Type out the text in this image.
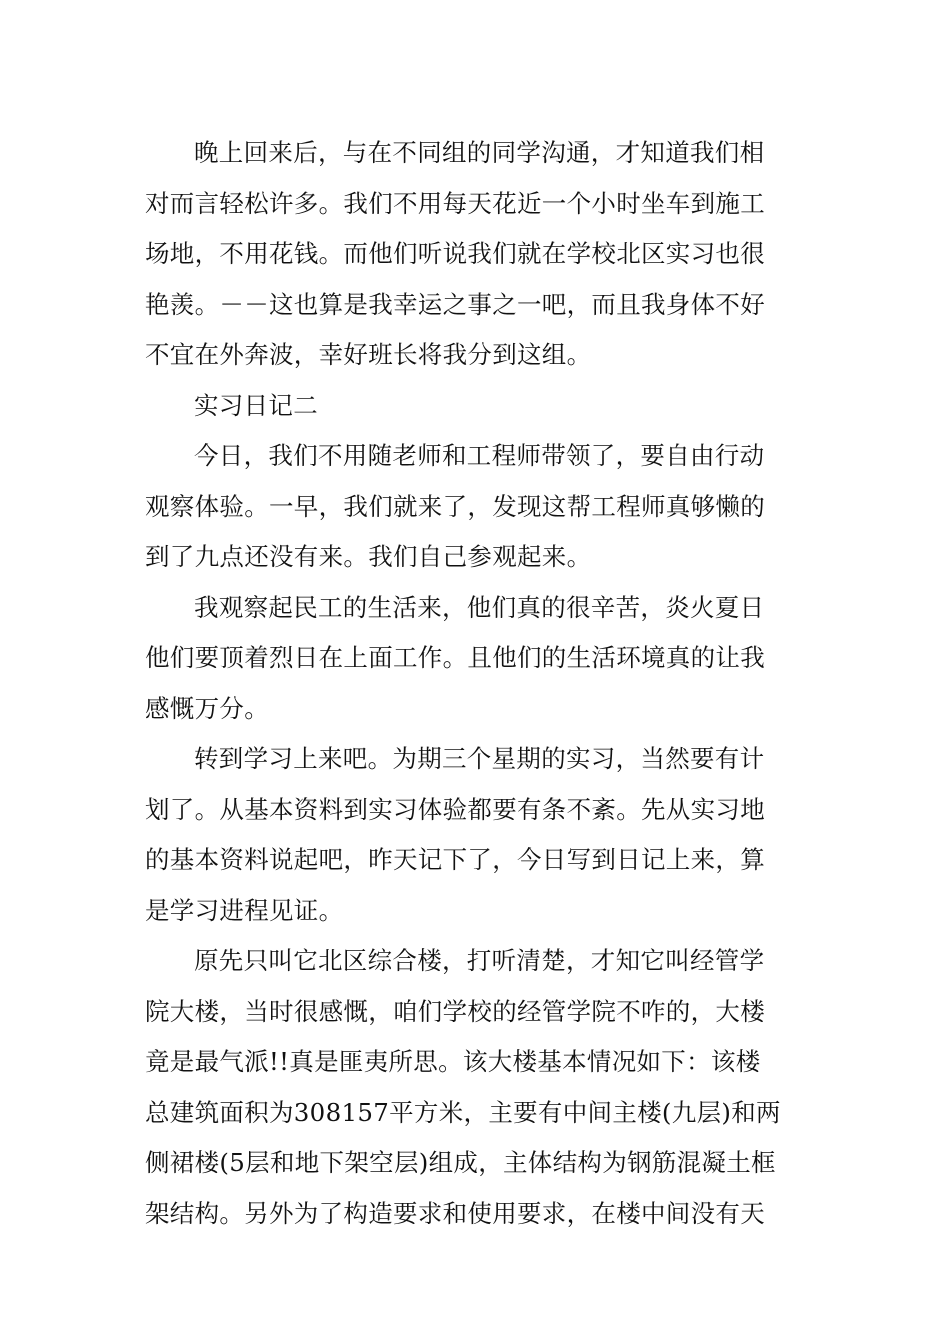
晚上回来后，与在不同组的同学沟通，才知道我们相
对而言轻松许多。我们不用每天花近一个小时坐车到施工
场地，不用花钱。而他们听说我们就在学校北区实习也很
艳羡。－－这也算是我幸运之事之一吧，而且我身体不好
不宜在外奔波，幸好班长将我分到这组。

实习日记二

今日，我们不用随老师和工程师带领了，要自由行动
观察体验。一早，我们就来了，发现这帮工程师真够懒的
到了九点还没有来。我们自己参观起来。

我观察起民工的生活来，他们真的很辛苦，炎火夏日
他们要顶着烈日在上面工作。且他们的生活环境真的让我
感慨万分。

转到学习上来吧。为期三个星期的实习，当然要有计
划了。从基本资料到实习体验都要有条不紊。先从实习地
的基本资料说起吧，昨天记下了，今日写到日记上来，算
是学习进程见证。

原先只叫它北区综合楼，打听清楚，才知它叫经管学
院大楼，当时很感慨，咱们学校的经管学院不咋的，大楼
竟是最气派!!真是匪夷所思。该大楼基本情况如下：该楼
总建筑面积为308157平方米，主要有中间主楼(九层)和两
侧裙楼(5层和地下架空层)组成，主体结构为钢筋混凝土框
架结构。另外为了构造要求和使用要求，在楼中间没有天
